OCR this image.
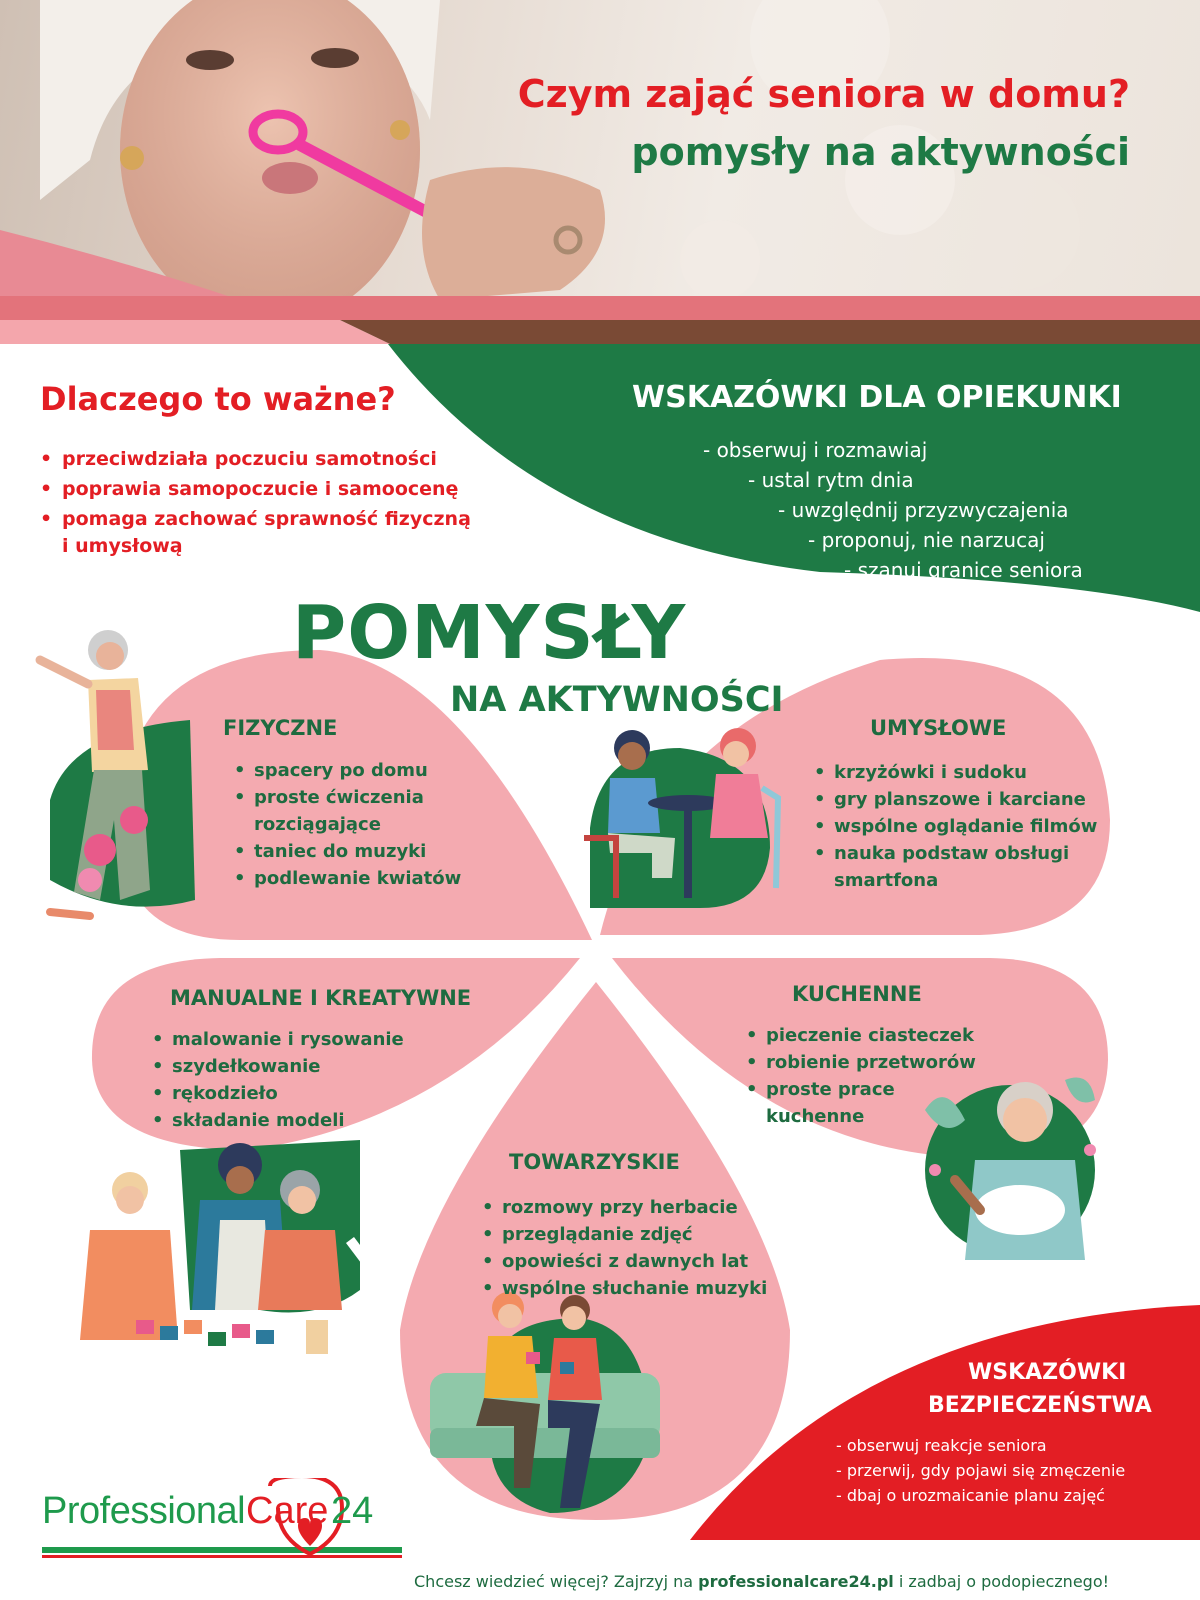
Czym zająć seniora w domu?
pomysły na aktywności
Dlaczego to ważne?
• przeciwdziała poczuciu samotności
• poprawia samopoczucie i samoocenę
• pomaga zachować sprawność fizyczną i umysłową
WSKAZÓWKI DLA OPIEKUNKI
- obserwuj i rozmawiaj
- ustal rytm dnia
- uwzględnij przyzwyczajenia
- proponuj, nie narzucaj
- szanuj granice seniora
POMYSŁY
NA AKTYWNOŚCI
FIZYCZNE
• spacery po domu
• proste ćwiczenia rozciągające
• taniec do muzyki
• podlewanie kwiatów
UMYSŁOWE
• krzyżówki i sudoku
• gry planszowe i karciane
• wspólne oglądanie filmów
• nauka podstaw obsługi smartfona
MANUALNE I KREATYWNE
• malowanie i rysowanie
• szydełkowanie
• rękodzieło
• składanie modeli
KUCHENNE
• pieczenie ciasteczek
• robienie przetworów
• proste prace kuchenne
TOWARZYSKIE
• rozmowy przy herbacie
• przeglądanie zdjęć
• opowieści z dawnych lat
• wspólne słuchanie muzyki
WSKAZÓWKI
BEZPIECZEŃSTWA
- obserwuj reakcje seniora
- przerwij, gdy pojawi się zmęczenie
- dbaj o urozmaicanie planu zajęć
Professional Care 24
Chcesz wiedzieć więcej? Zajrzyj na professionalcare24.pl i zadbaj o podopiecznego!
